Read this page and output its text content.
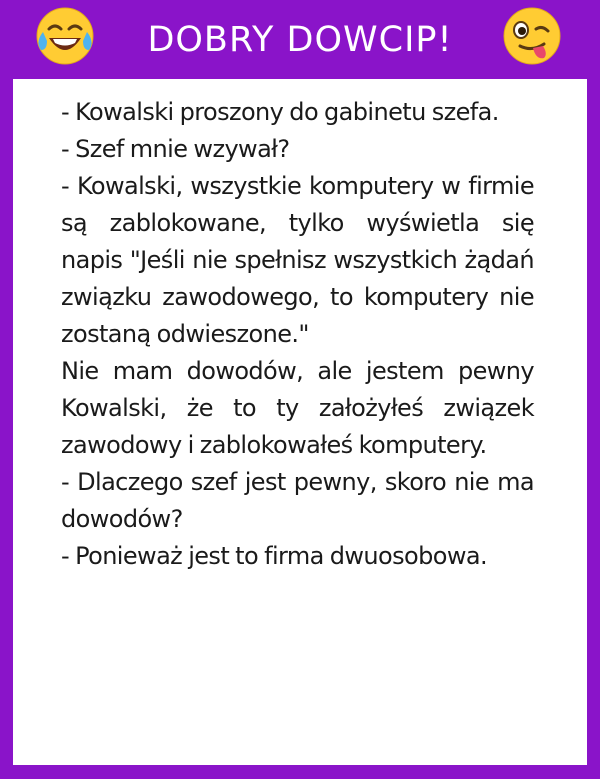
DOBRY DOWCIP!
- Kowalski proszony do gabinetu szefa.
- Szef mnie wzywał?
- Kowalski, wszystkie komputery w firmie są zablokowane, tylko wyświetla się napis "Jeśli nie spełnisz wszystkich żądań związku zawodowego, to komputery nie zostaną odwieszone."
Nie mam dowodów, ale jestem pewny Kowalski, że to ty założyłeś związek zawodowy i zablokowałeś komputery.
- Dlaczego szef jest pewny, skoro nie ma dowodów?
- Ponieważ jest to firma dwuosobowa.
